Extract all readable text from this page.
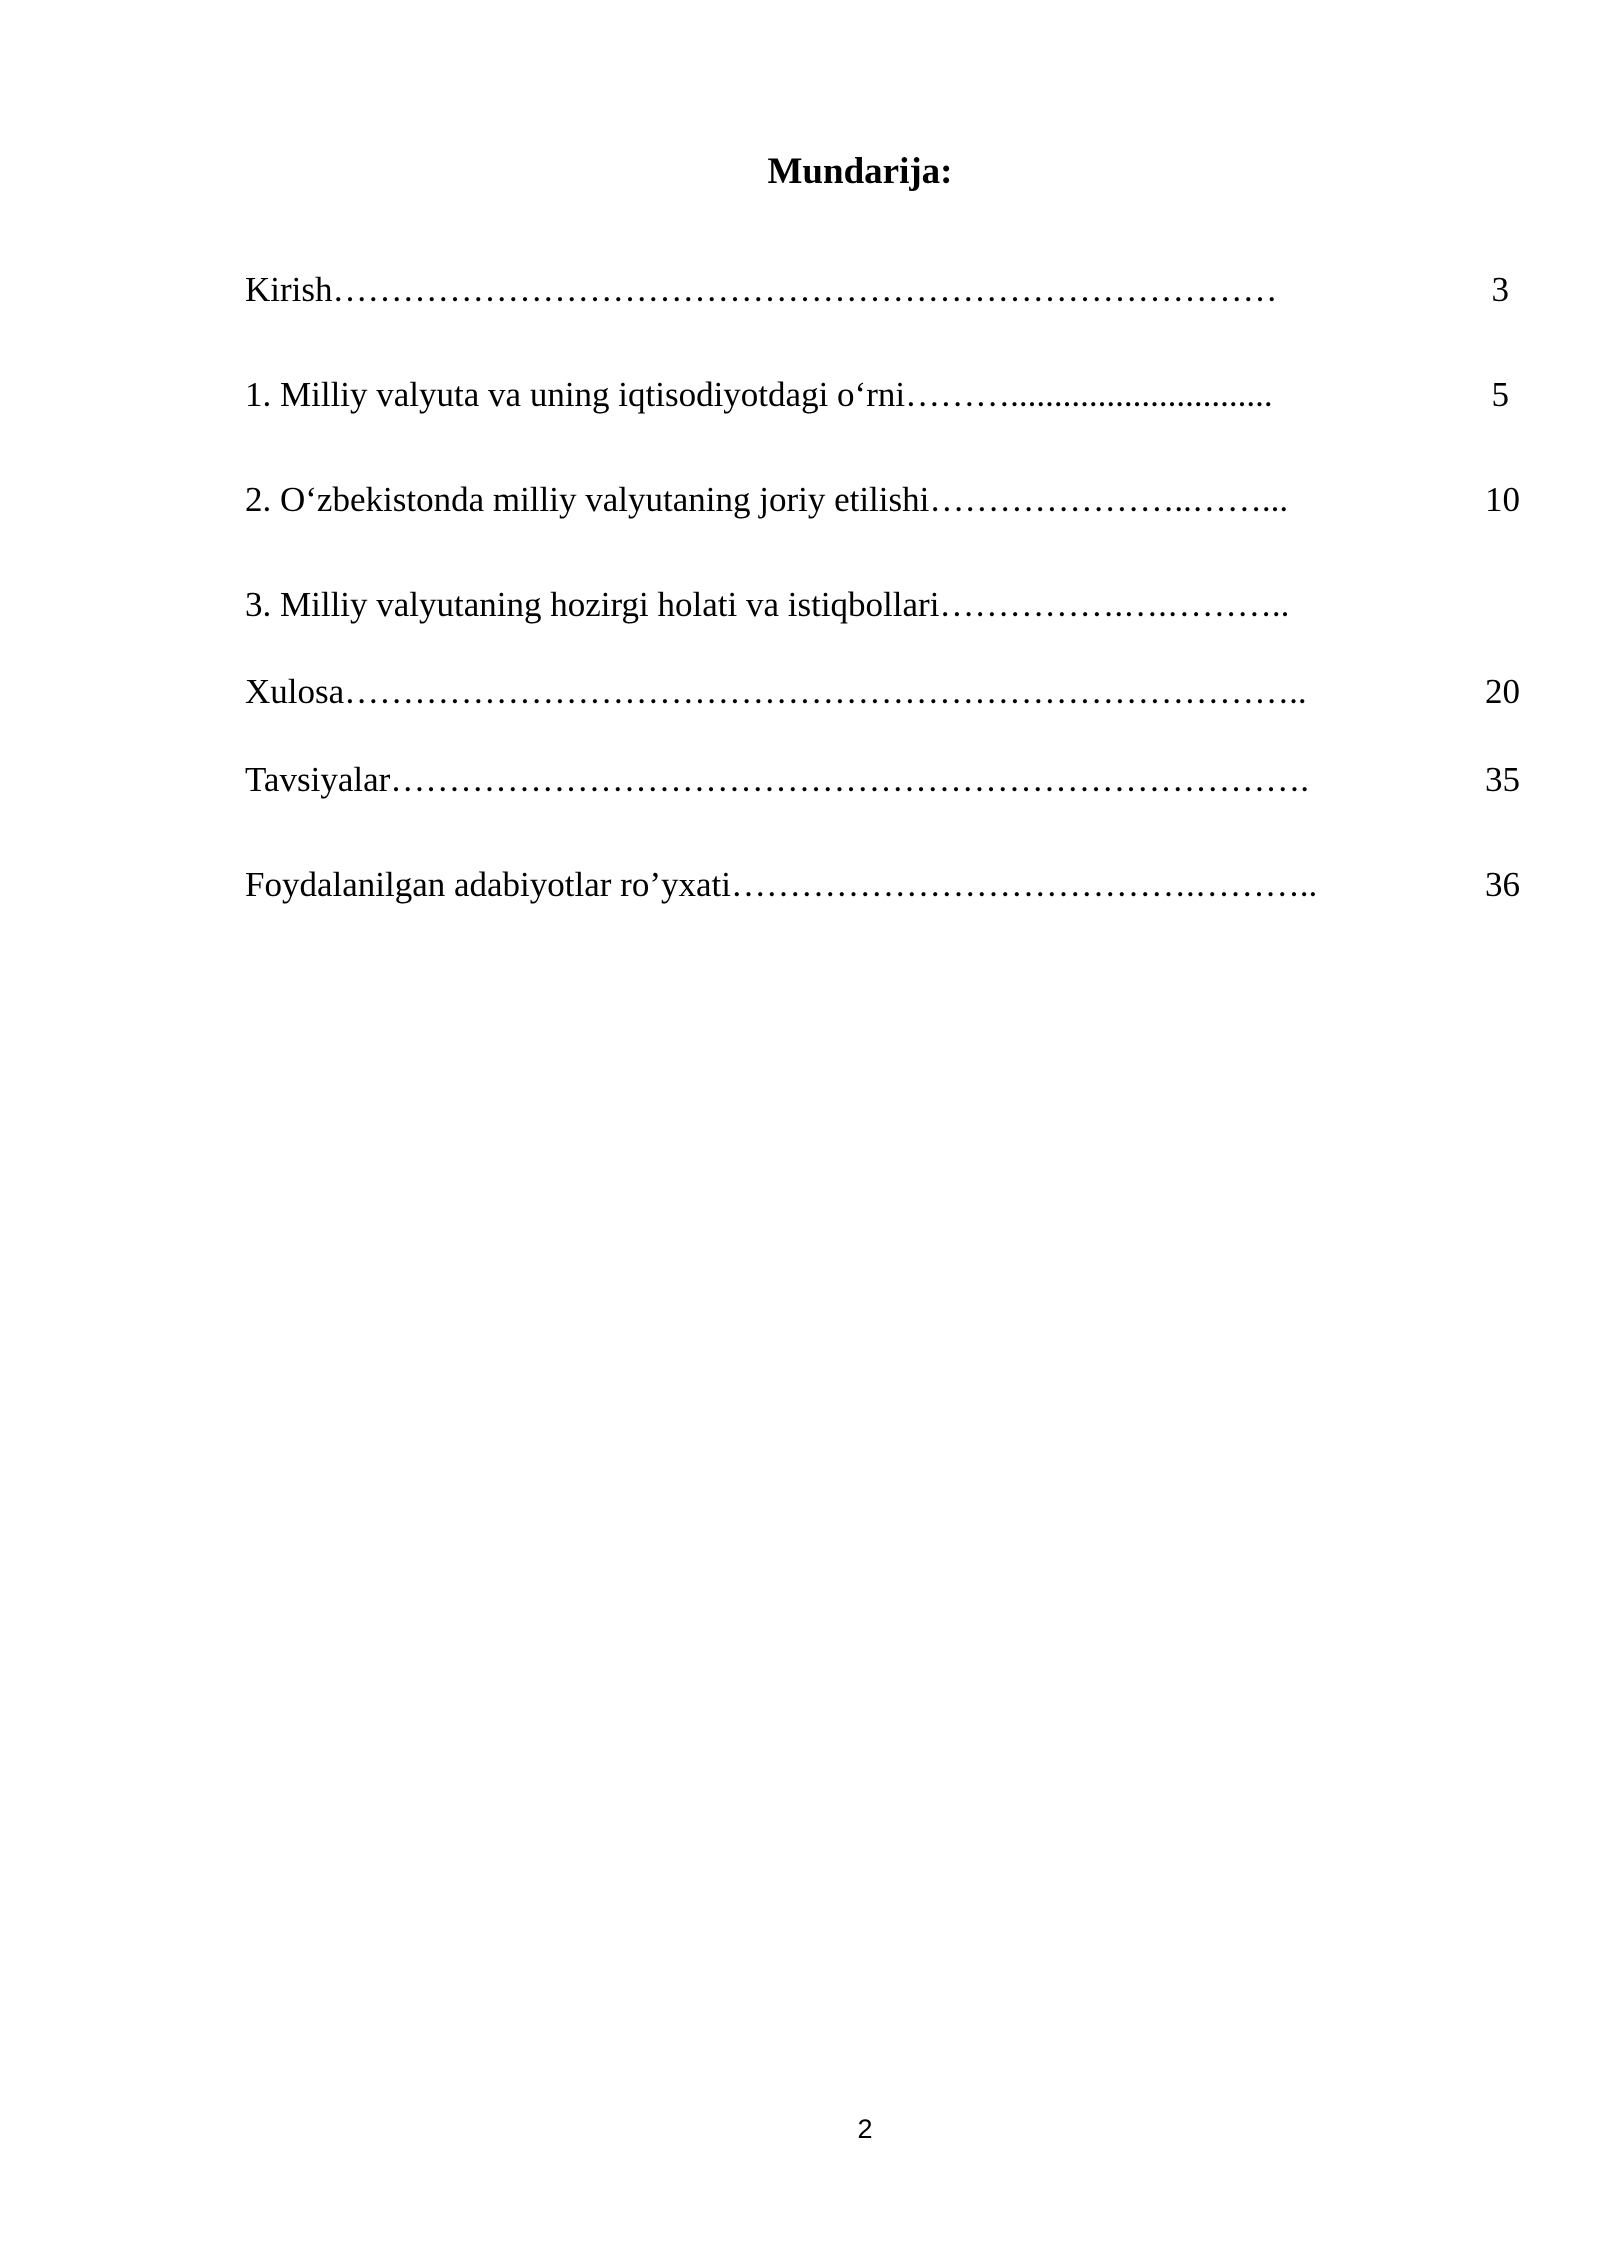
Mundarija:
Kirish………………………………………………………………………	3
1. Milliy valyuta va uning iqtisodiyotdagi o‘rni………..............................	5
2. O‘zbekistonda milliy valyutaning joriy etilishi…………………..……...	10
3. Milliy valyutaning hozirgi holati va istiqbollari…………….….………..
Xulosa………………………………………………………………………..	20
Tavsiyalar…………………………………………………………………….	35
Foydalanilgan adabiyotlar ro’yxati………………………………….………..	36
2
